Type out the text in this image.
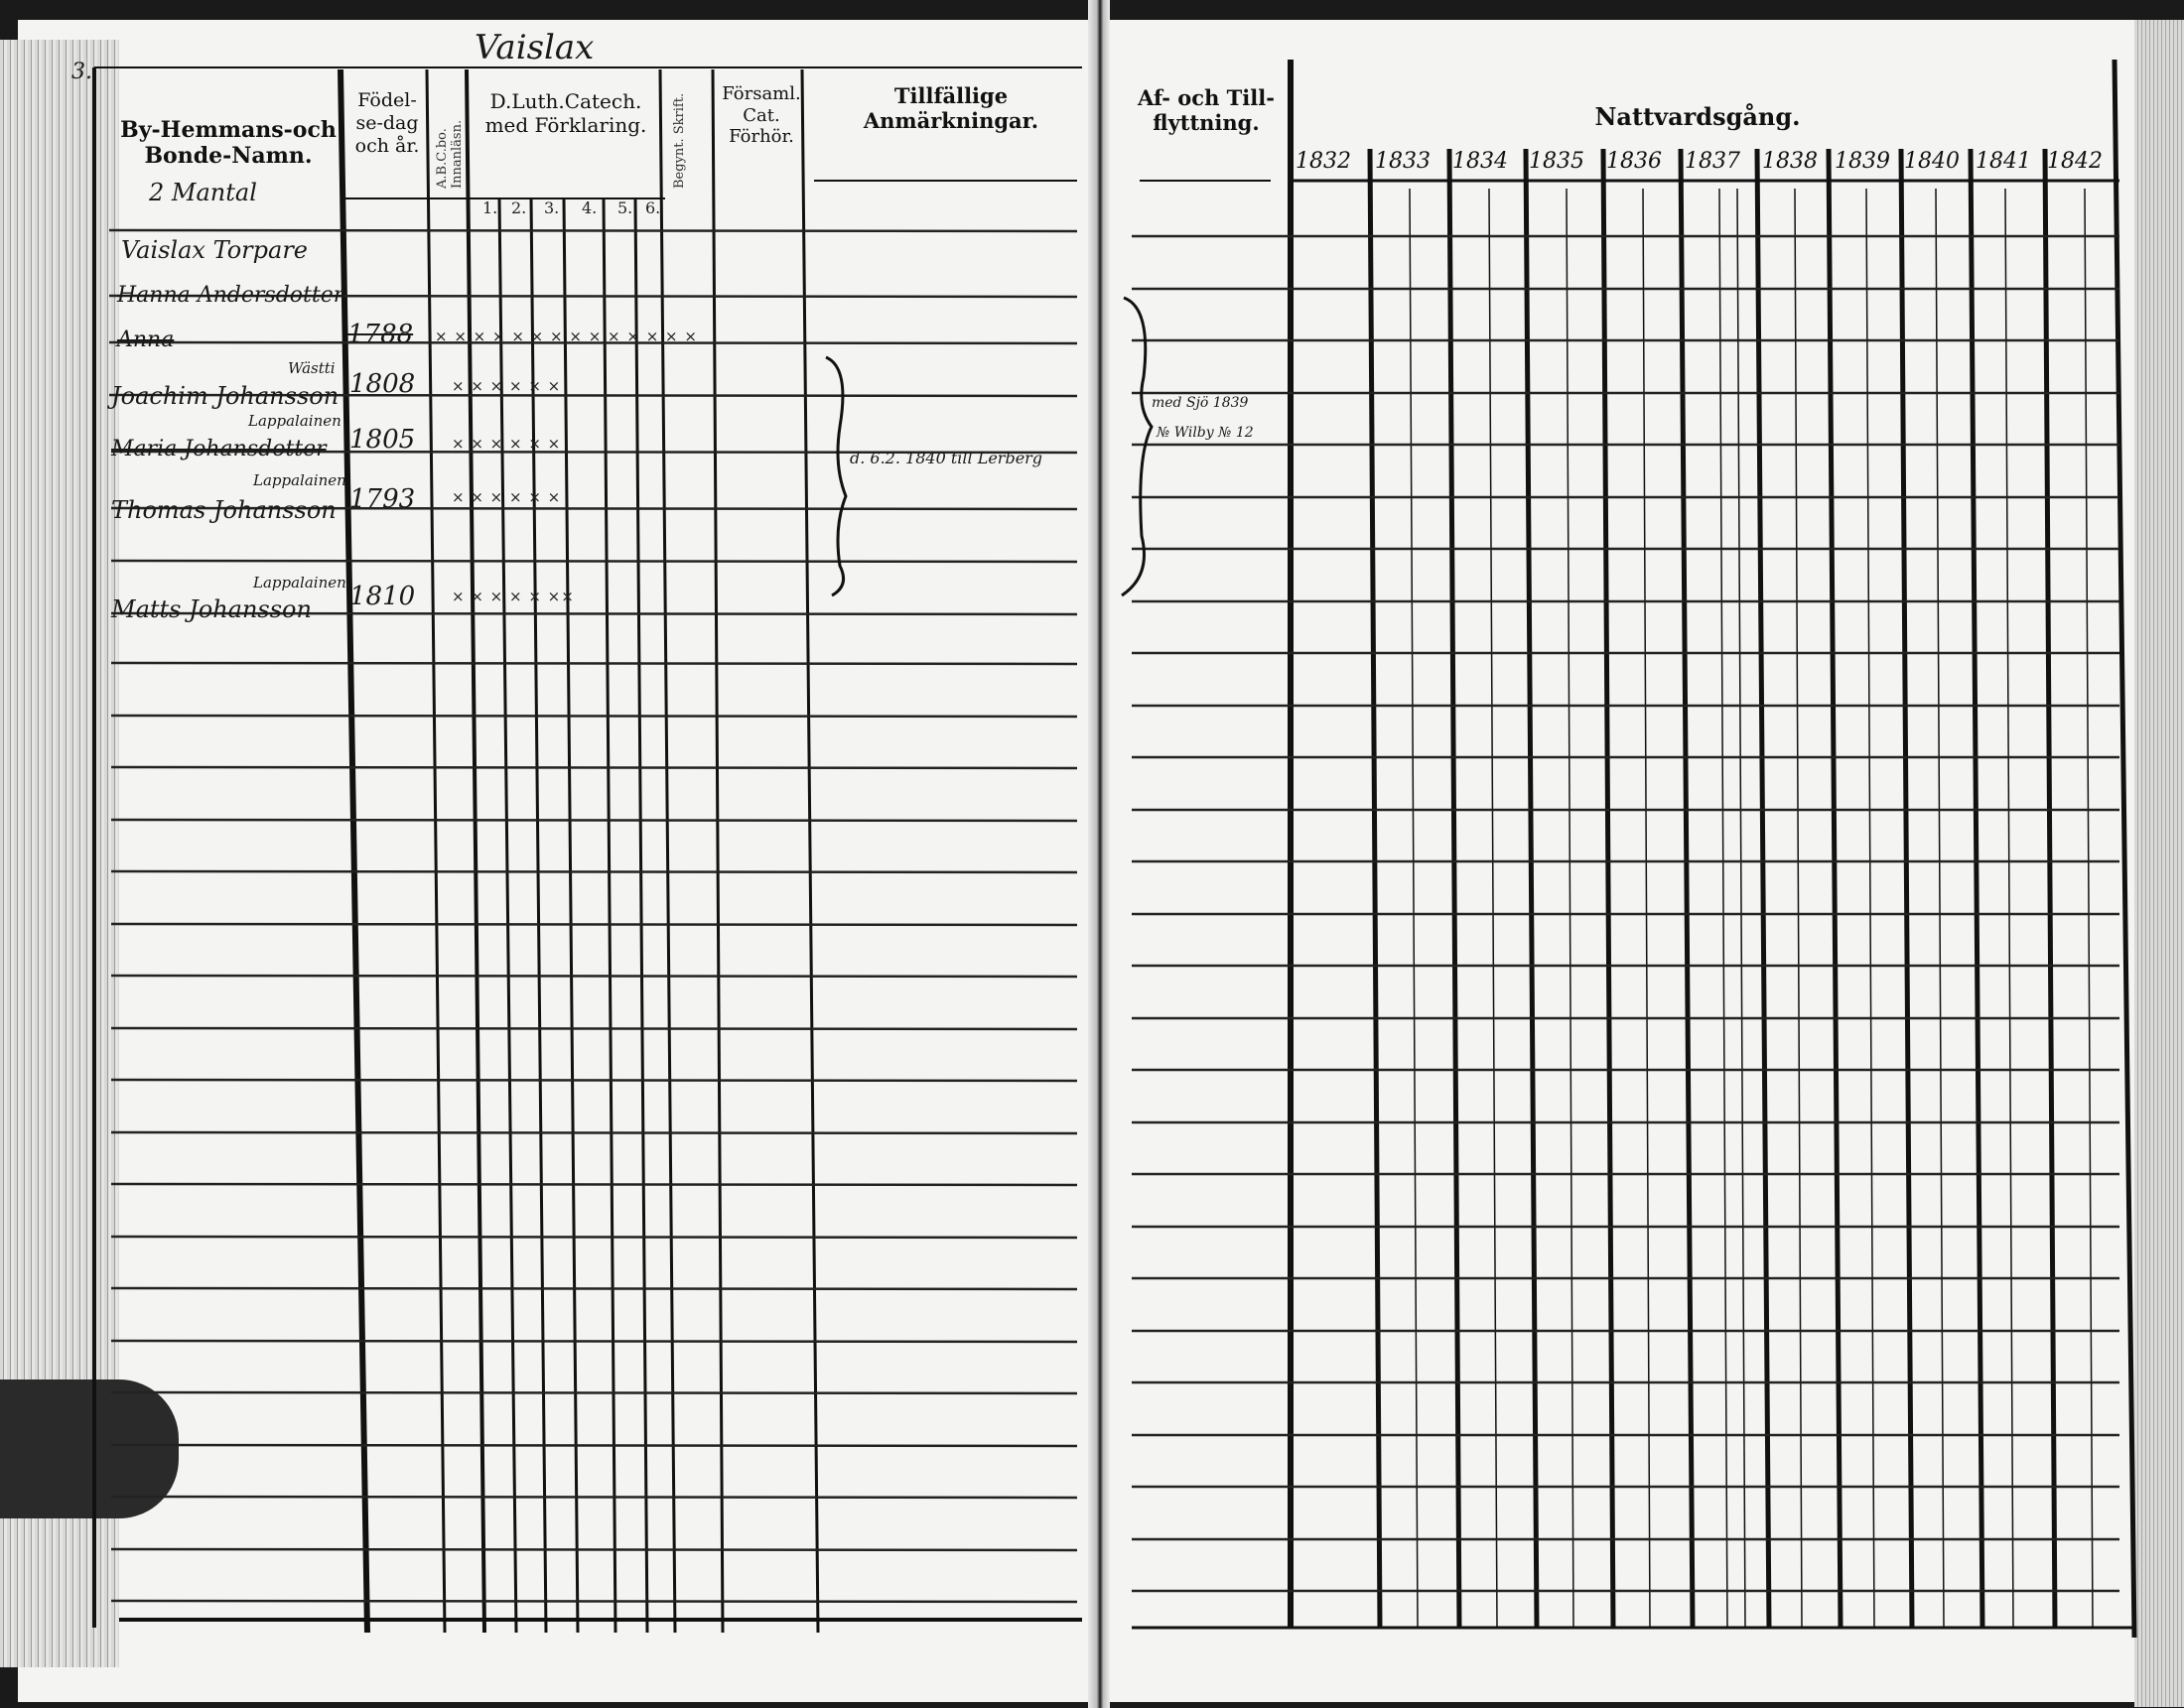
Vaislax
3.
By-Hemmans-och Bonde-Namn.
Födel-se-dag och år.	A.B.C.bo. Innanläsn.
D.Luth.Catech. med Förklaring.	Begynt. Skrift. Församl. Cat. Förhör.
Tillfällige Anmärkningar.
1. 2. 3. 4. 5. 6.
2 Mantal
Vaislax Torpare
Hanna Andersdotter
Anna	1788 × × × × × × × × × × × × × ×
Wästti
Joachim Johansson 1808 × × × × × ×
Lappalainen
Maria Johansdotter 1805 × × × × × ×
Lappalainen
Thomas Johansson 1793 × × × × × ×
Lappalainen
Matts Johansson 1810 × × × × × ××
d. 6.2. 1840 till Lerberg
Af- och Till- flyttning.	Nattvardsgång.
med Sjö 1839
№ Wilby № 12
1832 1833 1834 1835 1836 1837 1838 1839 1840 1841 1842
